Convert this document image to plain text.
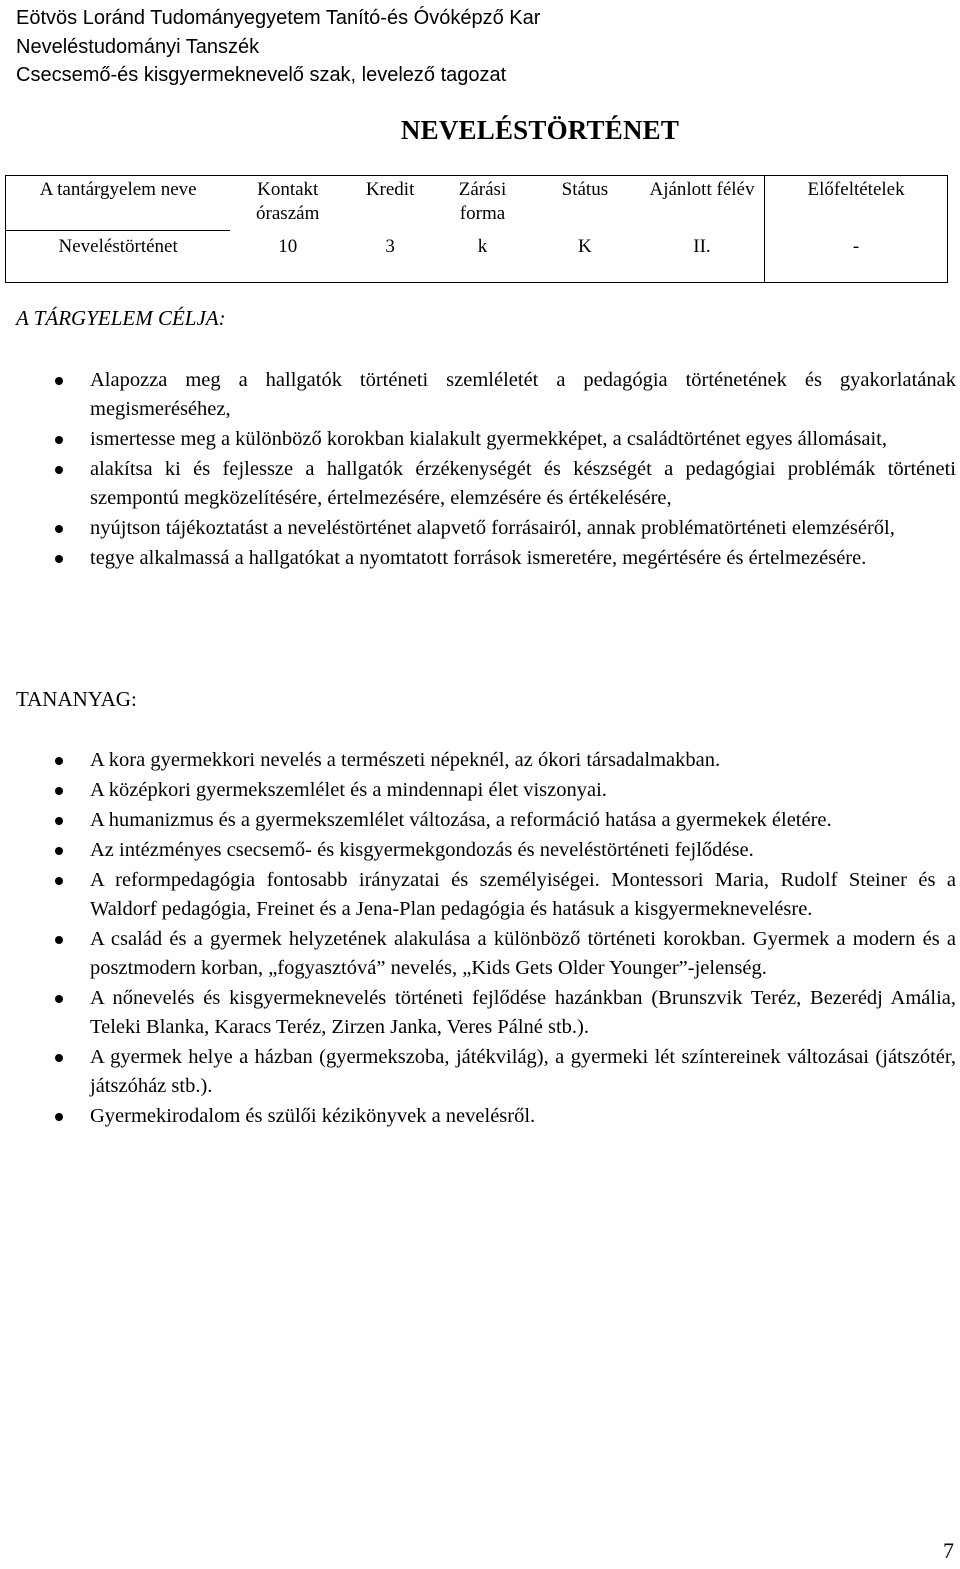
Eötvös Loránd Tudományegyetem Tanító-és Óvóképző Kar
Neveléstudományi Tanszék
Csecsemő-és kisgyermeknevelő szak, levelező tagozat
NEVELÉSTÖRTÉNET
A tantárgyelem neve	Kontakt óraszám	Kredit	Zárási forma	Státus	Ajánlott félév	Előfeltételek
Neveléstörténet	10	3	k	K	II.	-
A TÁRGYELEM CÉLJA:
Alapozza meg a hallgatók történeti szemléletét a pedagógia történetének és gyakorlatának megismeréséhez,
ismertesse meg a különböző korokban kialakult gyermekképet, a családtörténet egyes állomásait,
alakítsa ki és fejlessze a hallgatók érzékenységét és készségét a pedagógiai problémák történeti szempontú megközelítésére, értelmezésére, elemzésére és értékelésére,
nyújtson tájékoztatást a neveléstörténet alapvető forrásairól, annak problématörténeti elemzéséről,
tegye alkalmassá a hallgatókat a nyomtatott források ismeretére, megértésére és értelmezésére.
TANANYAG:
A kora gyermekkori nevelés a természeti népeknél, az ókori társadalmakban.
A középkori gyermekszemlélet és a mindennapi élet viszonyai.
A humanizmus és a gyermekszemlélet változása, a reformáció hatása a gyermekek életére.
Az intézményes csecsemő- és kisgyermekgondozás és neveléstörténeti fejlődése.
A reformpedagógia fontosabb irányzatai és személyiségei. Montessori Maria, Rudolf Steiner és a Waldorf pedagógia, Freinet és a Jena-Plan pedagógia és hatásuk a kisgyermeknevelésre.
A család és a gyermek helyzetének alakulása a különböző történeti korokban. Gyermek a modern és a posztmodern korban, „fogyasztóvá” nevelés, „Kids Gets Older Younger”-jelenség.
A nőnevelés és kisgyermeknevelés történeti fejlődése hazánkban (Brunszvik Teréz, Bezerédj Amália, Teleki Blanka, Karacs Teréz, Zirzen Janka, Veres Pálné stb.).
A gyermek helye a házban (gyermekszoba, játékvilág), a gyermeki lét színtereinek változásai (játszótér, játszóház stb.).
Gyermekirodalom és szülői kézikönyvek a nevelésről.
7
